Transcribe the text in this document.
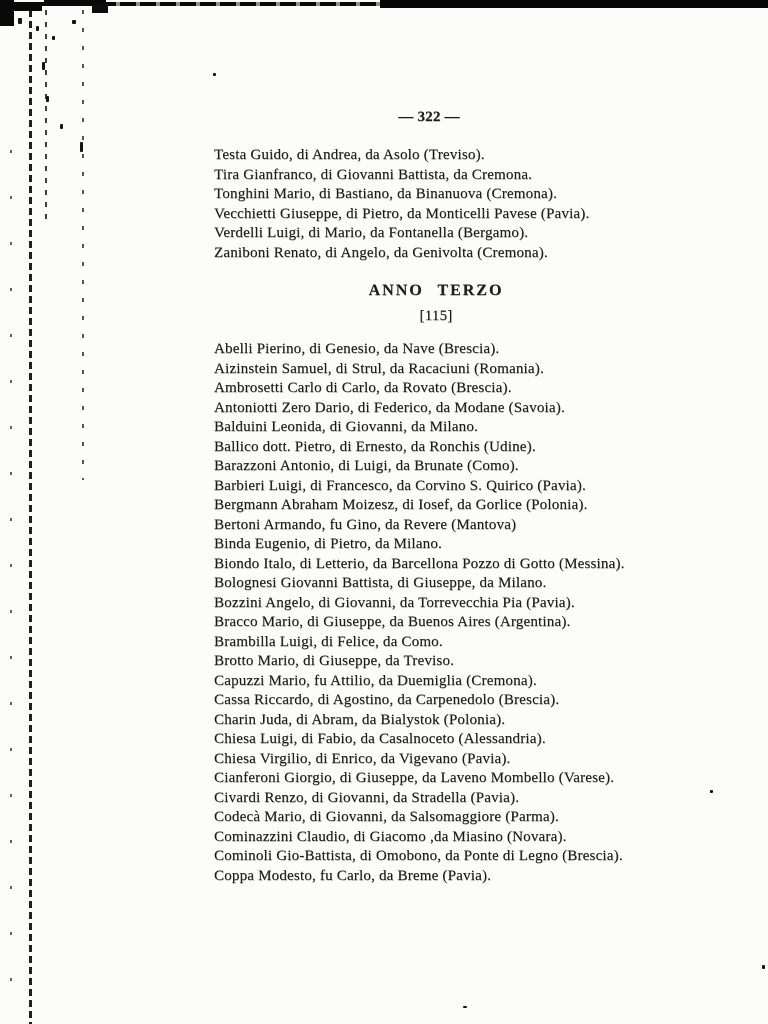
— 322 —
Testa Guido, di Andrea, da Asolo (Treviso).
Tira Gianfranco, di Giovanni Battista, da Cremona.
Tonghini Mario, di Bastiano, da Binanuova (Cremona).
Vecchietti Giuseppe, di Pietro, da Monticelli Pavese (Pavia).
Verdelli Luigi, di Mario, da Fontanella (Bergamo).
Zaniboni Renato, di Angelo, da Genivolta (Cremona).
ANNO TERZO
[115]
Abelli Pierino, di Genesio, da Nave (Brescia).
Aizinstein Samuel, di Strul, da Racaciuni (Romania).
Ambrosetti Carlo di Carlo, da Rovato (Brescia).
Antoniotti Zero Dario, di Federico, da Modane (Savoia).
Balduini Leonida, di Giovanni, da Milano.
Ballico dott. Pietro, di Ernesto, da Ronchis (Udine).
Barazzoni Antonio, di Luigi, da Brunate (Como).
Barbieri Luigi, di Francesco, da Corvino S. Quirico (Pavia).
Bergmann Abraham Moizesz, di Iosef, da Gorlice (Polonia).
Bertoni Armando, fu Gino, da Revere (Mantova)
Binda Eugenio, di Pietro, da Milano.
Biondo Italo, di Letterio, da Barcellona Pozzo di Gotto (Messina).
Bolognesi Giovanni Battista, di Giuseppe, da Milano.
Bozzini Angelo, di Giovanni, da Torrevecchia Pia (Pavia).
Bracco Mario, di Giuseppe, da Buenos Aires (Argentina).
Brambilla Luigi, di Felice, da Como.
Brotto Mario, di Giuseppe, da Treviso.
Capuzzi Mario, fu Attilio, da Duemiglia (Cremona).
Cassa Riccardo, di Agostino, da Carpenedolo (Brescia).
Charin Juda, di Abram, da Bialystok (Polonia).
Chiesa Luigi, di Fabio, da Casalnoceto (Alessandria).
Chiesa Virgilio, di Enrico, da Vigevano (Pavia).
Cianferoni Giorgio, di Giuseppe, da Laveno Mombello (Varese).
Civardi Renzo, di Giovanni, da Stradella (Pavia).
Codecà Mario, di Giovanni, da Salsomaggiore (Parma).
Cominazzini Claudio, di Giacomo ,da Miasino (Novara).
Cominoli Gio-Battista, di Omobono, da Ponte di Legno (Brescia).
Coppa Modesto, fu Carlo, da Breme (Pavia).
